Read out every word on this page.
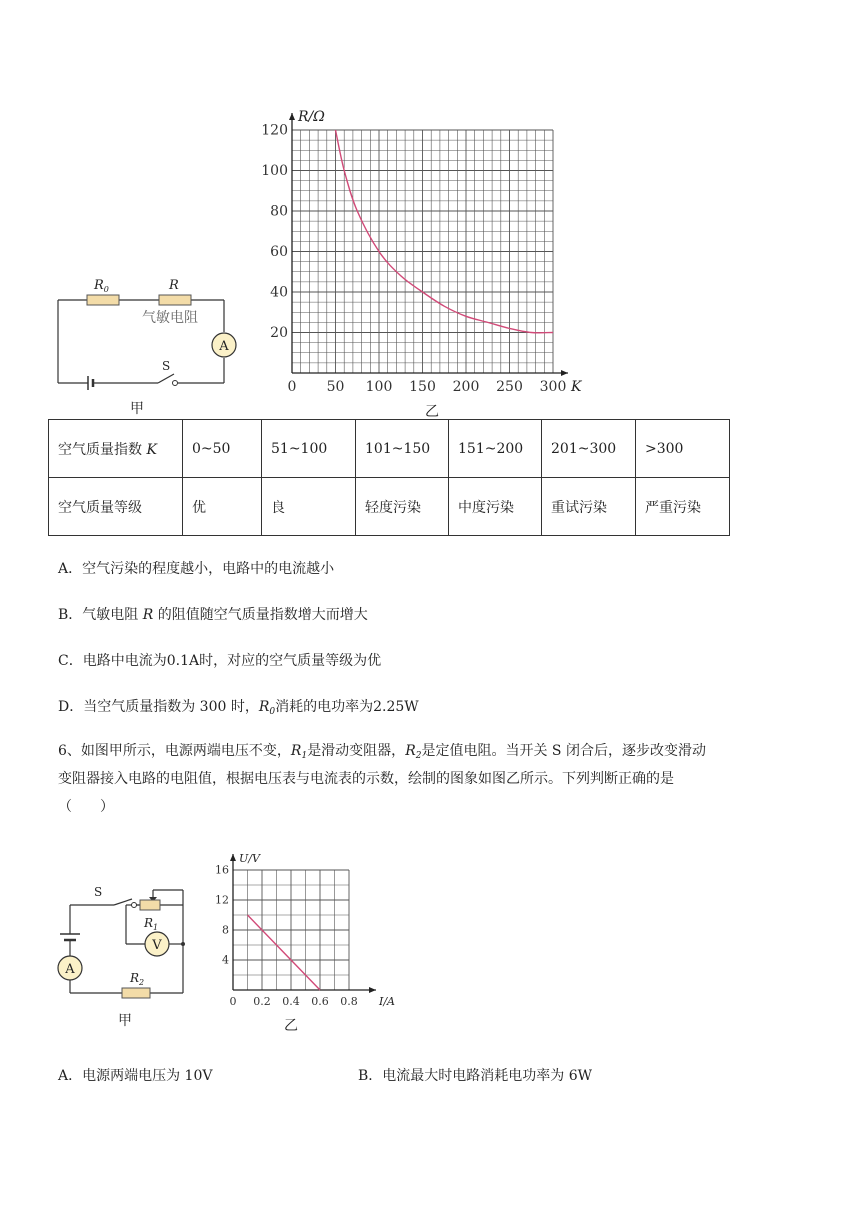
A
$R_0$	R
气敏电阻
S
甲
0 50 100 150 200 250 300
20
40
60
80
100
120
K
R/Ω
乙
空气质量指数 K	0~50	51~100	101~150	151~200	201~300	>300
空气质量等级	优	良	轻度污染	中度污染	重试污染	严重污染
A．空气污染的程度越小，电路中的电流越小
B．气敏电阻 R 的阻值随空气质量指数增大而增大
C．电路中电流为0.1A时，对应的空气质量等级为优
D．当空气质量指数为 300 时，$R_0$消耗的电功率为2.25W
6、如图甲所示，电源两端电压不变，$R_1$是滑动变阻器，$R_2$是定值电阻。当开关 S 闭合后，逐步改变滑动
变阻器接入电路的电阻值，根据电压表与电流表的示数，绘制的图象如图乙所示。下列判断正确的是
（　　）
V
A
S
$R_1$
$R_2$
甲
0 0.2 0.4 0.6 0.8
4
8
12
16
I/A
U/V
乙
A．电源两端电压为 10V	B．电流最大时电路消耗电功率为 6W
